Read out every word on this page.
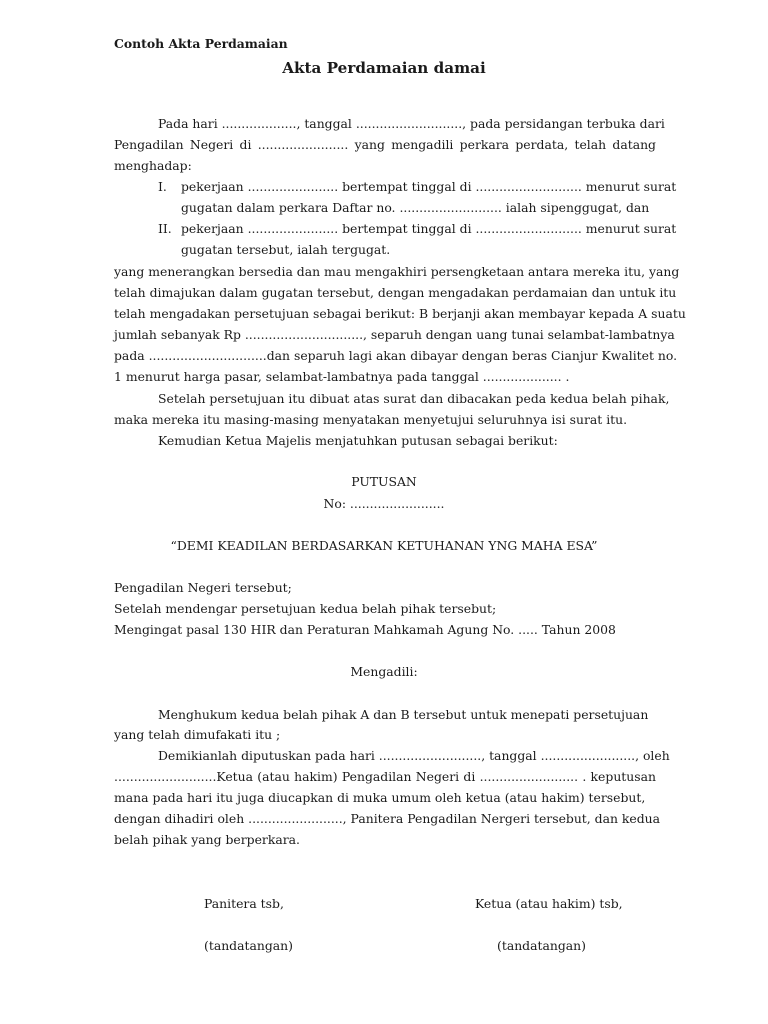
Contoh Akta Perdamaian
Akta Perdamaian damai
Pada hari ..................., tanggal ..........................., pada persidangan terbuka dari
Pengadilan Negeri di ....................... yang mengadili perkara perdata, telah datang
menghadap:
I. pekerjaan ....................... bertempat tinggal di ........................... menurut surat
gugatan dalam perkara Daftar no. .......................... ialah sipenggugat, dan
II. pekerjaan ....................... bertempat tinggal di ........................... menurut surat
gugatan tersebut, ialah tergugat.
yang menerangkan bersedia dan mau mengakhiri persengketaan antara mereka itu, yang
telah dimajukan dalam gugatan tersebut, dengan mengadakan perdamaian dan untuk itu
telah mengadakan persetujuan sebagai berikut: B berjanji akan membayar kepada A suatu
jumlah sebanyak Rp .............................., separuh dengan uang tunai selambat-lambatnya
pada ..............................dan separuh lagi akan dibayar dengan beras Cianjur Kwalitet no.
1 menurut harga pasar, selambat-lambatnya pada tanggal .................... .
Setelah persetujuan itu dibuat atas surat dan dibacakan peda kedua belah pihak,
maka mereka itu masing-masing menyatakan menyetujui seluruhnya isi surat itu.
Kemudian Ketua Majelis menjatuhkan putusan sebagai berikut:
PUTUSAN
No: ........................
“DEMI KEADILAN BERDASARKAN KETUHANAN YNG MAHA ESA”
Pengadilan Negeri tersebut;
Setelah mendengar persetujuan kedua belah pihak tersebut;
Mengingat pasal 130 HIR dan Peraturan Mahkamah Agung No. ..... Tahun 2008
Mengadili:
Menghukum kedua belah pihak A dan B tersebut untuk menepati persetujuan
yang telah dimufakati itu ;
Demikianlah diputuskan pada hari .........................., tanggal ........................, oleh
..........................Ketua (atau hakim) Pengadilan Negeri di ......................... . keputusan
mana pada hari itu juga diucapkan di muka umum oleh ketua (atau hakim) tersebut,
dengan dihadiri oleh ........................, Panitera Pengadilan Nergeri tersebut, dan kedua
belah pihak yang berperkara.
Panitera tsb,
(tandatangan)
Ketua (atau hakim) tsb,
(tandatangan)
